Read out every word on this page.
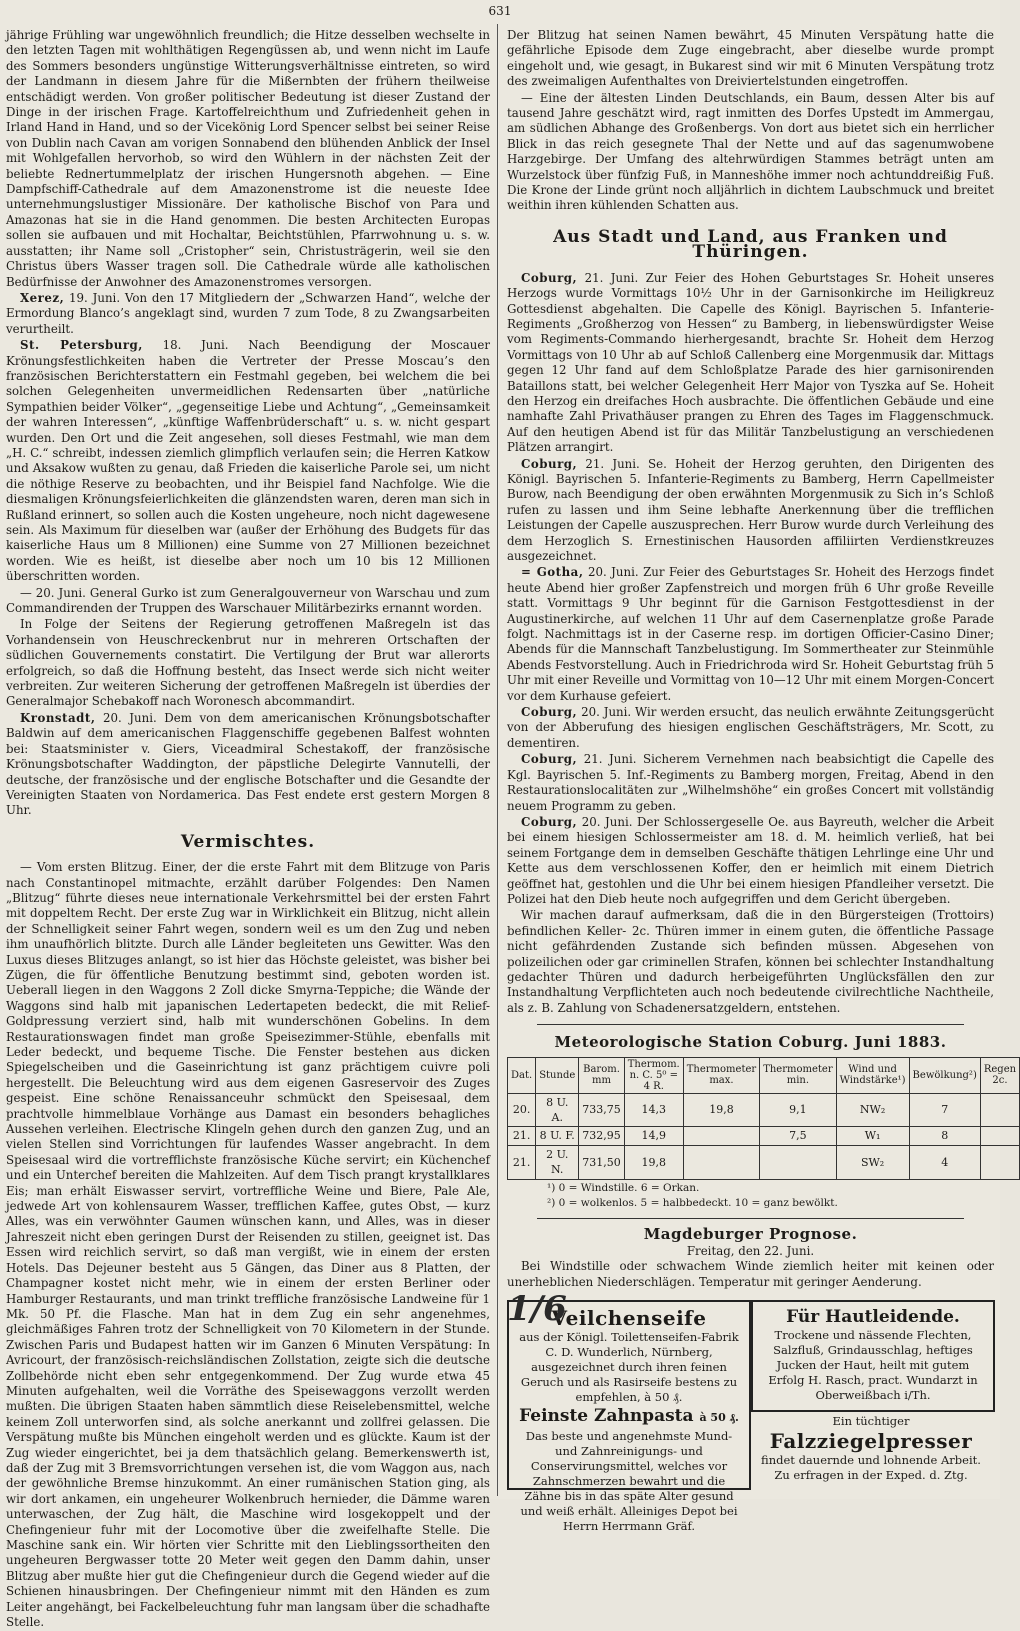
631

jährige Frühling war ungewöhnlich freundlich; die Hitze desselben wechselte in den letzten Tagen mit wohlthätigen Regengüssen ab, und wenn nicht im Laufe des Sommers besonders ungünstige Witterungsverhältnisse eintreten, so wird der Landmann in diesem Jahre für die Mißernbten der frühern theilweise entschädigt werden. Von großer politischer Bedeutung ist dieser Zustand der Dinge in der irischen Frage. Kartoffelreichthum und Zufriedenheit gehen in Irland Hand in Hand, und so der Vicekönig Lord Spencer selbst bei seiner Reise von Dublin nach Cavan am vorigen Sonnabend den blühenden Anblick der Insel mit Wohlgefallen hervorhob, so wird den Wühlern in der nächsten Zeit der beliebte Rednertummelplatz der irischen Hungersnoth abgehen. — Eine Dampfschiff-Cathedrale auf dem Amazonenstrome ist die neueste Idee unternehmungslustiger Missionäre. Der katholische Bischof von Para und Amazonas hat sie in die Hand genommen. Die besten Architecten Europas sollen sie aufbauen und mit Hochaltar, Beichtstühlen, Pfarrwohnung u. s. w. ausstatten; ihr Name soll „Cristopher“ sein, Christusträgerin, weil sie den Christus übers Wasser tragen soll. Die Cathedrale würde alle katholischen Bedürfnisse der Anwohner des Amazonenstromes versorgen.

Xerez, 19. Juni. Von den 17 Mitgliedern der „Schwarzen Hand“, welche der Ermordung Blanco’s angeklagt sind, wurden 7 zum Tode, 8 zu Zwangsarbeiten verurtheilt.

St. Petersburg, 18. Juni. Nach Beendigung der Moscauer Krönungsfestlichkeiten haben die Vertreter der Presse Moscau’s den französischen Berichterstattern ein Festmahl gegeben, bei welchem die bei solchen Gelegenheiten unvermeidlichen Redensarten über „natürliche Sympathien beider Völker“, „gegenseitige Liebe und Achtung“, „Gemeinsamkeit der wahren Interessen“, „künftige Waffenbrüderschaft“ u. s. w. nicht gespart wurden. Den Ort und die Zeit angesehen, soll dieses Festmahl, wie man dem „H. C.“ schreibt, indessen ziemlich glimpflich verlaufen sein; die Herren Katkow und Aksakow wußten zu genau, daß Frieden die kaiserliche Parole sei, um nicht die nöthige Reserve zu beobachten, und ihr Beispiel fand Nachfolge. Wie die diesmaligen Krönungsfeierlichkeiten die glänzendsten waren, deren man sich in Rußland erinnert, so sollen auch die Kosten ungeheure, noch nicht dagewesene sein. Als Maximum für dieselben war (außer der Erhöhung des Budgets für das kaiserliche Haus um 8 Millionen) eine Summe von 27 Millionen bezeichnet worden. Wie es heißt, ist dieselbe aber noch um 10 bis 12 Millionen überschritten worden.

— 20. Juni. General Gurko ist zum Generalgouverneur von Warschau und zum Commandirenden der Truppen des Warschauer Militärbezirks ernannt worden.

In Folge der Seitens der Regierung getroffenen Maßregeln ist das Vorhandensein von Heuschreckenbrut nur in mehreren Ortschaften der südlichen Gouvernements constatirt. Die Vertilgung der Brut war allerorts erfolgreich, so daß die Hoffnung besteht, das Insect werde sich nicht weiter verbreiten. Zur weiteren Sicherung der getroffenen Maßregeln ist überdies der Generalmajor Schebakoff nach Woronesch abcommandirt.

Kronstadt, 20. Juni. Dem von dem americanischen Krönungsbotschafter Baldwin auf dem americanischen Flaggenschiffe gegebenen Balfest wohnten bei: Staatsminister v. Giers, Viceadmiral Schestakoff, der französische Krönungsbotschafter Waddington, der päpstliche Delegirte Vannutelli, der deutsche, der französische und der englische Botschafter und die Gesandte der Vereinigten Staaten von Nordamerica. Das Fest endete erst gestern Morgen 8 Uhr.

Vermischtes.

— Vom ersten Blitzug. Einer, der die erste Fahrt mit dem Blitzuge von Paris nach Constantinopel mitmachte, erzählt darüber Folgendes: Den Namen „Blitzug“ führte dieses neue internationale Verkehrsmittel bei der ersten Fahrt mit doppeltem Recht. Der erste Zug war in Wirklichkeit ein Blitzug, nicht allein der Schnelligkeit seiner Fahrt wegen, sondern weil es um den Zug und neben ihm unaufhörlich blitzte. Durch alle Länder begleiteten uns Gewitter. Was den Luxus dieses Blitzuges anlangt, so ist hier das Höchste geleistet, was bisher bei Zügen, die für öffentliche Benutzung bestimmt sind, geboten worden ist. Ueberall liegen in den Waggons 2 Zoll dicke Smyrna-Teppiche; die Wände der Waggons sind halb mit japanischen Ledertapeten bedeckt, die mit Relief-Goldpressung verziert sind, halb mit wunderschönen Gobelins. In dem Restaurationswagen findet man große Speisezimmer-Stühle, ebenfalls mit Leder bedeckt, und bequeme Tische. Die Fenster bestehen aus dicken Spiegelscheiben und die Gaseinrichtung ist ganz prächtigem cuivre poli hergestellt. Die Beleuchtung wird aus dem eigenen Gasreservoir des Zuges gespeist. Eine schöne Renaissanceuhr schmückt den Speisesaal, dem prachtvolle himmelblaue Vorhänge aus Damast ein besonders behagliches Aussehen verleihen. Electrische Klingeln gehen durch den ganzen Zug, und an vielen Stellen sind Vorrichtungen für laufendes Wasser angebracht. In dem Speisesaal wird die vortrefflichste französische Küche servirt; ein Küchenchef und ein Unterchef bereiten die Mahlzeiten. Auf dem Tisch prangt krystallklares Eis; man erhält Eiswasser servirt, vortreffliche Weine und Biere, Pale Ale, jedwede Art von kohlensaurem Wasser, trefflichen Kaffee, gutes Obst, — kurz Alles, was ein verwöhnter Gaumen wünschen kann, und Alles, was in dieser Jahreszeit nicht eben geringen Durst der Reisenden zu stillen, geeignet ist. Das Essen wird reichlich servirt, so daß man vergißt, wie in einem der ersten Hotels. Das Dejeuner besteht aus 5 Gängen, das Diner aus 8 Platten, der Champagner kostet nicht mehr, wie in einem der ersten Berliner oder Hamburger Restaurants, und man trinkt treffliche französische Landweine für 1 Mk. 50 Pf. die Flasche. Man hat in dem Zug ein sehr angenehmes, gleichmäßiges Fahren trotz der Schnelligkeit von 70 Kilometern in der Stunde. Zwischen Paris und Budapest hatten wir im Ganzen 6 Minuten Verspätung: In Avricourt, der französisch-reichsländischen Zollstation, zeigte sich die deutsche Zollbehörde nicht eben sehr entgegenkommend. Der Zug wurde etwa 45 Minuten aufgehalten, weil die Vorräthe des Speisewaggons verzollt werden mußten. Die übrigen Staaten haben sämmtlich diese Reiselebensmittel, welche keinem Zoll unterworfen sind, als solche anerkannt und zollfrei gelassen. Die Verspätung mußte bis München eingeholt werden und es glückte. Kaum ist der Zug wieder eingerichtet, bei ja dem thatsächlich gelang. Bemerkenswerth ist, daß der Zug mit 3 Bremsvorrichtungen versehen ist, die vom Waggon aus, nach der gewöhnliche Bremse hinzukommt. An einer rumänischen Station ging, als wir dort ankamen, ein ungeheurer Wolkenbruch hernieder, die Dämme waren unterwaschen, der Zug hält, die Maschine wird losgekoppelt und der Chefingenieur fuhr mit der Locomotive über die zweifelhafte Stelle. Die Maschine sank ein. Wir hörten vier Schritte mit den Lieblingssortheiten den ungeheuren Bergwasser totte 20 Meter weit gegen den Damm dahin, unser Blitzug aber mußte hier gut die Chefingenieur durch die Gegend wieder auf die Schienen hinausbringen. Der Chefingenieur nimmt mit den Händen es zum Leiter angehängt, bei Fackelbeleuchtung fuhr man langsam über die schadhafte Stelle.

Der Blitzug hat seinen Namen bewährt, 45 Minuten Verspätung hatte die gefährliche Episode dem Zuge eingebracht, aber dieselbe wurde prompt eingeholt und, wie gesagt, in Bukarest sind wir mit 6 Minuten Verspätung trotz des zweimaligen Aufenthaltes von Dreiviertelstunden eingetroffen.

— Eine der ältesten Linden Deutschlands, ein Baum, dessen Alter bis auf tausend Jahre geschätzt wird, ragt inmitten des Dorfes Upstedt im Ammergau, am südlichen Abhange des Großenbergs. Von dort aus bietet sich ein herrlicher Blick in das reich gesegnete Thal der Nette und auf das sagenumwobene Harzgebirge. Der Umfang des altehrwürdigen Stammes beträgt unten am Wurzelstock über fünfzig Fuß, in Manneshöhe immer noch achtunddreißig Fuß. Die Krone der Linde grünt noch alljährlich in dichtem Laubschmuck und breitet weithin ihren kühlenden Schatten aus.

Aus Stadt und Land, aus Franken und Thüringen.

Coburg, 21. Juni. Zur Feier des Hohen Geburtstages Sr. Hoheit unseres Herzogs wurde Vormittags 10½ Uhr in der Garnisonkirche im Heiligkreuz Gottesdienst abgehalten. Die Capelle des Königl. Bayrischen 5. Infanterie-Regiments „Großherzog von Hessen“ zu Bamberg, in liebenswürdigster Weise vom Regiments-Commando hierhergesandt, brachte Sr. Hoheit dem Herzog Vormittags von 10 Uhr ab auf Schloß Callenberg eine Morgenmusik dar. Mittags gegen 12 Uhr fand auf dem Schloßplatze Parade des hier garnisonirenden Bataillons statt, bei welcher Gelegenheit Herr Major von Tyszka auf Se. Hoheit den Herzog ein dreifaches Hoch ausbrachte. Die öffentlichen Gebäude und eine namhafte Zahl Privathäuser prangen zu Ehren des Tages im Flaggenschmuck. Auf den heutigen Abend ist für das Militär Tanzbelustigung an verschiedenen Plätzen arrangirt.

Coburg, 21. Juni. Se. Hoheit der Herzog geruhten, den Dirigenten des Königl. Bayrischen 5. Infanterie-Regiments zu Bamberg, Herrn Capellmeister Burow, nach Beendigung der oben erwähnten Morgenmusik zu Sich in’s Schloß rufen zu lassen und ihm Seine lebhafte Anerkennung über die trefflichen Leistungen der Capelle auszusprechen. Herr Burow wurde durch Verleihung des dem Herzoglich S. Ernestinischen Hausorden affiliirten Verdienstkreuzes ausgezeichnet.

= Gotha, 20. Juni. Zur Feier des Geburtstages Sr. Hoheit des Herzogs findet heute Abend hier großer Zapfenstreich und morgen früh 6 Uhr große Reveille statt. Vormittags 9 Uhr beginnt für die Garnison Festgottesdienst in der Augustinerkirche, auf welchen 11 Uhr auf dem Casernenplatze große Parade folgt. Nachmittags ist in der Caserne resp. im dortigen Officier-Casino Diner; Abends für die Mannschaft Tanzbelustigung. Im Sommertheater zur Steinmühle Abends Festvorstellung. Auch in Friedrichroda wird Sr. Hoheit Geburtstag früh 5 Uhr mit einer Reveille und Vormittag von 10—12 Uhr mit einem Morgen-Concert vor dem Kurhause gefeiert.

Coburg, 20. Juni. Wir werden ersucht, das neulich erwähnte Zeitungsgerücht von der Abberufung des hiesigen englischen Geschäftsträgers, Mr. Scott, zu dementiren.

Coburg, 21. Juni. Sicherem Vernehmen nach beabsichtigt die Capelle des Kgl. Bayrischen 5. Inf.-Regiments zu Bamberg morgen, Freitag, Abend in den Restaurationslocalitäten zur „Wilhelmshöhe“ ein großes Concert mit vollständig neuem Programm zu geben.

Coburg, 20. Juni. Der Schlossergeselle Oe. aus Bayreuth, welcher die Arbeit bei einem hiesigen Schlossermeister am 18. d. M. heimlich verließ, hat bei seinem Fortgange dem in demselben Geschäfte thätigen Lehrlinge eine Uhr und Kette aus dem verschlossenen Koffer, den er heimlich mit einem Dietrich geöffnet hat, gestohlen und die Uhr bei einem hiesigen Pfandleiher versetzt. Die Polizei hat den Dieb heute noch aufgegriffen und dem Gericht übergeben.

Wir machen darauf aufmerksam, daß die in den Bürgersteigen (Trottoirs) befindlichen Keller- 2c. Thüren immer in einem guten, die öffentliche Passage nicht gefährdenden Zustande sich befinden müssen. Abgesehen von polizeilichen oder gar criminellen Strafen, können bei schlechter Instandhaltung gedachter Thüren und dadurch herbeigeführten Unglücksfällen den zur Instandhaltung Verpflichteten auch noch bedeutende civilrechtliche Nachtheile, als z. B. Zahlung von Schadenersatzgeldern, entstehen.

Meteorologische Station Coburg. Juni 1883.
Dat.	Stunde	Barom. mm	Thermom. n. C. 5⁰ = 4 R.	Thermometer max.	Thermometer min.	Wind und Windstärke¹)	Bewölkung²)	Regen 2c.
20.	8 U. A.	733,75	14,3	19,8	9,1	NW₂	7	
21.	8 U. F.	732,95	14,9		7,5	W₁	8	
21.	2 U. N.	731,50	19,8			SW₂	4	
¹) 0 = Windstille. 6 = Orkan.
²) 0 = wolkenlos. 5 = halbbedeckt. 10 = ganz bewölkt.
Magdeburger Prognose.
Freitag, den 22. Juni.

Bei Windstille oder schwachem Winde ziemlich heiter mit keinen oder unerheblichen Niederschlägen. Temperatur mit geringer Aenderung.

1/6
Veilchenseife
aus der Königl. Toilettenseifen-Fabrik C. D. Wunderlich, Nürnberg, ausgezeichnet durch ihren feinen Geruch und als Rasirseife bestens zu empfehlen, à 50 ₰.
Feinste Zahnpasta à 50 ₰.
Das beste und angenehmste Mund- und Zahnreinigungs- und Conservirungsmittel, welches vor Zahnschmerzen bewahrt und die Zähne bis in das späte Alter gesund und weiß erhält. Alleiniges Depot bei Herrn Herrmann Gräf.
Für Hautleidende.
Trockene und nässende Flechten, Salzfluß, Grindausschlag, heftiges Jucken der Haut, heilt mit gutem Erfolg H. Rasch, pract. Wundarzt in Oberweißbach i/Th.
Ein tüchtiger
Falzziegelpresser
findet dauernde und lohnende Arbeit. Zu erfragen in der Exped. d. Ztg.
